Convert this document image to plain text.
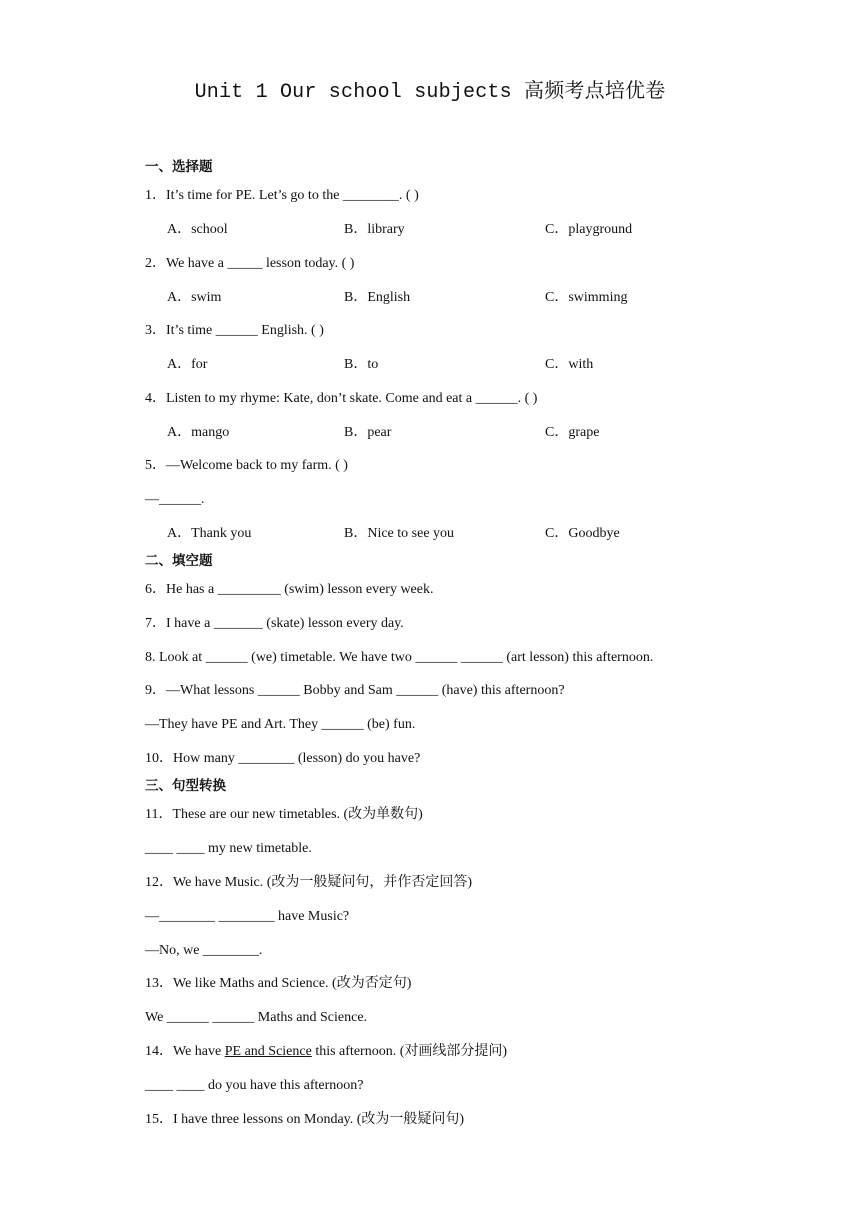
Unit 1 Our school subjects 高频考点培优卷
一、选择题
1．It’s time for PE. Let’s go to the ________. ( )
A．school	B．library	C．playground
2．We have a _____ lesson today. ( )
A．swim	B．English	C．swimming
3．It’s time ______ English. ( )
A．for	B．to	C．with
4．Listen to my rhyme: Kate, don’t skate. Come and eat a ______. ( )
A．mango	B．pear	C．grape
5．—Welcome back to my farm. ( )
—______.
A．Thank you	B．Nice to see you	C．Goodbye
二、填空题
6．He has a _________ (swim) lesson every week.
7．I have a _______ (skate) lesson every day.
8. Look at ______ (we) timetable. We have two ______ ______ (art lesson) this afternoon.
9．—What lessons ______ Bobby and Sam ______ (have) this afternoon?
—They have PE and Art. They ______ (be) fun.
10．How many ________ (lesson) do you have?
三、句型转换
11．These are our new timetables. (改为单数句)
____ ____ my new timetable.
12．We have Music. (改为一般疑问句，并作否定回答)
—________ ________ have Music?
—No, we ________.
13．We like Maths and Science. (改为否定句)
We ______ ______ Maths and Science.
14．We have PE and Science this afternoon. (对画线部分提问)
____ ____ do you have this afternoon?
15．I have three lessons on Monday. (改为一般疑问句)
